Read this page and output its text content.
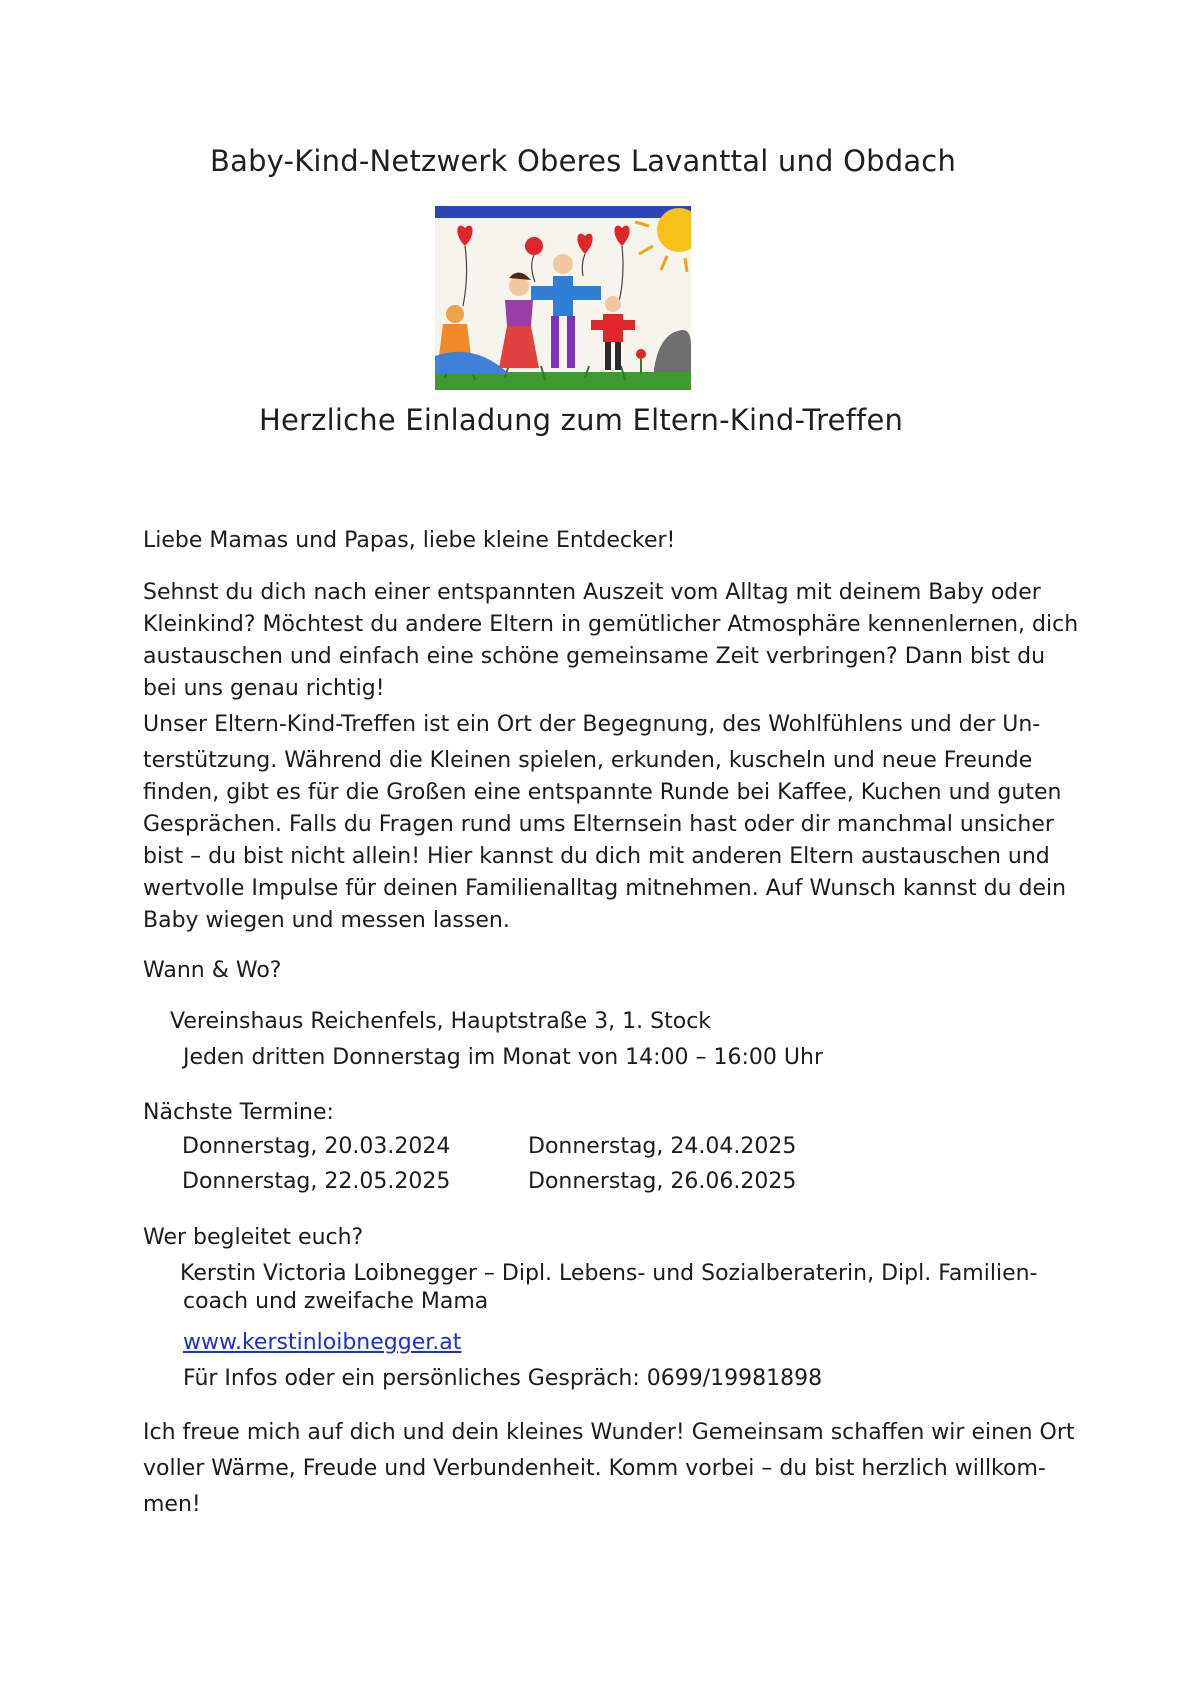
Baby-Kind-Netzwerk Oberes Lavanttal und Obdach
Herzliche Einladung zum Eltern-Kind-Treffen
Liebe Mamas und Papas, liebe kleine Entdecker!
Sehnst du dich nach einer entspannten Auszeit vom Alltag mit deinem Baby oder
Kleinkind? Möchtest du andere Eltern in gemütlicher Atmosphäre kennenlernen, dich
austauschen und einfach eine schöne gemeinsame Zeit verbringen? Dann bist du
bei uns genau richtig!
Unser Eltern-Kind-Treffen ist ein Ort der Begegnung, des Wohlfühlens und der Un-
terstützung. Während die Kleinen spielen, erkunden, kuscheln und neue Freunde
finden, gibt es für die Großen eine entspannte Runde bei Kaffee, Kuchen und guten
Gesprächen. Falls du Fragen rund ums Elternsein hast oder dir manchmal unsicher
bist – du bist nicht allein! Hier kannst du dich mit anderen Eltern austauschen und
wertvolle Impulse für deinen Familienalltag mitnehmen. Auf Wunsch kannst du dein
Baby wiegen und messen lassen.
Wann & Wo?
Vereinshaus Reichenfels, Hauptstraße 3, 1. Stock
Jeden dritten Donnerstag im Monat von 14:00 – 16:00 Uhr
Nächste Termine:
Donnerstag, 20.03.2024	Donnerstag, 24.04.2025
Donnerstag, 22.05.2025	Donnerstag, 26.06.2025
Wer begleitet euch?
Kerstin Victoria Loibnegger – Dipl. Lebens- und Sozialberaterin, Dipl. Familien-
coach und zweifache Mama
www.kerstinloibnegger.at
Für Infos oder ein persönliches Gespräch: 0699/19981898
Ich freue mich auf dich und dein kleines Wunder! Gemeinsam schaffen wir einen Ort
voller Wärme, Freude und Verbundenheit. Komm vorbei – du bist herzlich willkom-
men!
